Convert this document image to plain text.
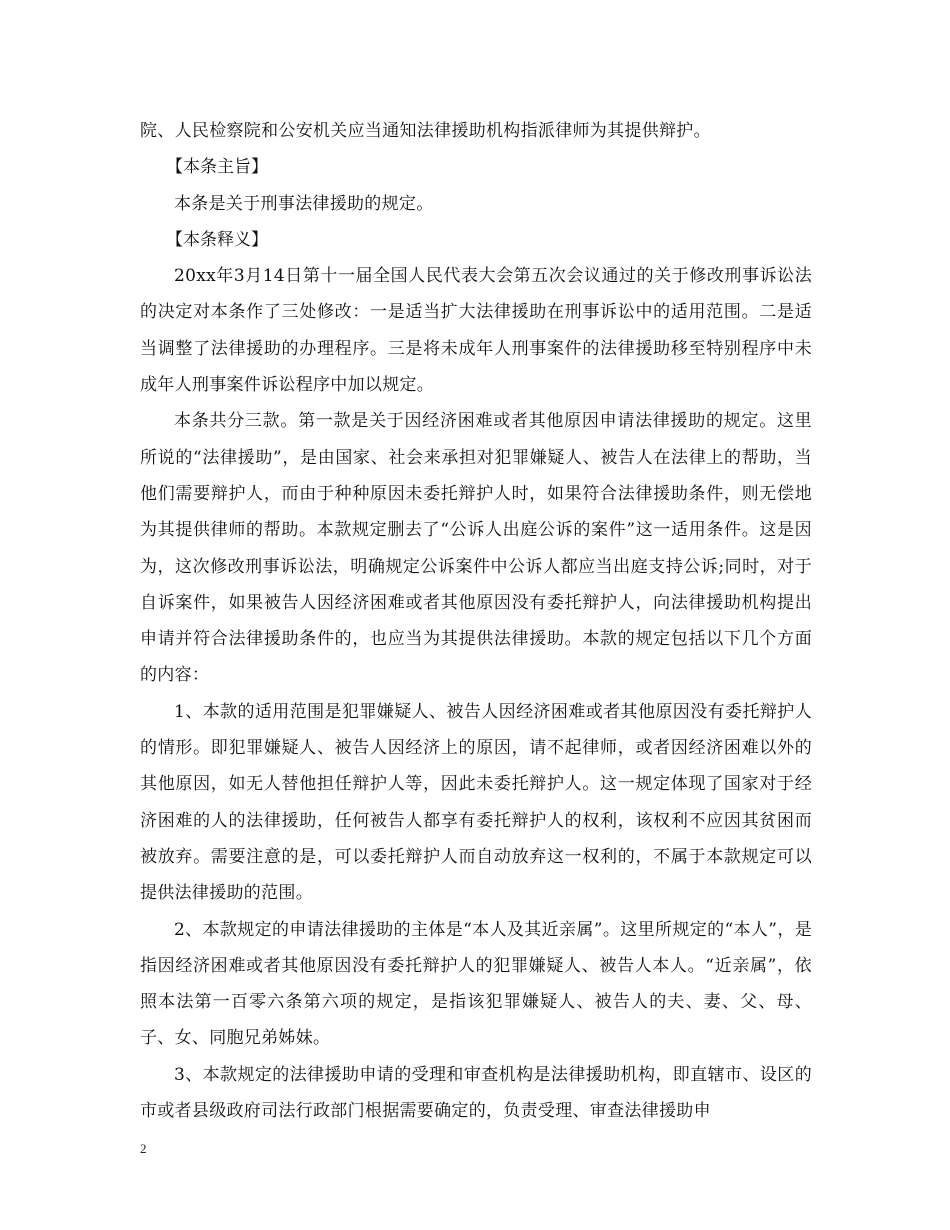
院、人民检察院和公安机关应当通知法律援助机构指派律师为其提供辩护。

【本条主旨】

本条是关于刑事法律援助的规定。

【本条释义】

20xx年3月14日第十一届全国人民代表大会第五次会议通过的关于修改刑事诉讼法的决定对本条作了三处修改：一是适当扩大法律援助在刑事诉讼中的适用范围。二是适当调整了法律援助的办理程序。三是将未成年人刑事案件的法律援助移至特别程序中未成年人刑事案件诉讼程序中加以规定。

本条共分三款。第一款是关于因经济困难或者其他原因申请法律援助的规定。这里所说的“法律援助”，是由国家、社会来承担对犯罪嫌疑人、被告人在法律上的帮助，当他们需要辩护人，而由于种种原因未委托辩护人时，如果符合法律援助条件，则无偿地为其提供律师的帮助。本款规定删去了“公诉人出庭公诉的案件”这一适用条件。这是因为，这次修改刑事诉讼法，明确规定公诉案件中公诉人都应当出庭支持公诉;同时，对于自诉案件，如果被告人因经济困难或者其他原因没有委托辩护人，向法律援助机构提出申请并符合法律援助条件的，也应当为其提供法律援助。本款的规定包括以下几个方面的内容：

1、本款的适用范围是犯罪嫌疑人、被告人因经济困难或者其他原因没有委托辩护人的情形。即犯罪嫌疑人、被告人因经济上的原因，请不起律师，或者因经济困难以外的其他原因，如无人替他担任辩护人等，因此未委托辩护人。这一规定体现了国家对于经济困难的人的法律援助，任何被告人都享有委托辩护人的权利，该权利不应因其贫困而被放弃。需要注意的是，可以委托辩护人而自动放弃这一权利的，不属于本款规定可以提供法律援助的范围。

2、本款规定的申请法律援助的主体是“本人及其近亲属”。这里所规定的“本人”，是指因经济困难或者其他原因没有委托辩护人的犯罪嫌疑人、被告人本人。“近亲属”，依照本法第一百零六条第六项的规定，是指该犯罪嫌疑人、被告人的夫、妻、父、母、子、女、同胞兄弟姊妹。

3、本款规定的法律援助申请的受理和审查机构是法律援助机构，即直辖市、设区的市或者县级政府司法行政部门根据需要确定的，负责受理、审查法律援助申

2
